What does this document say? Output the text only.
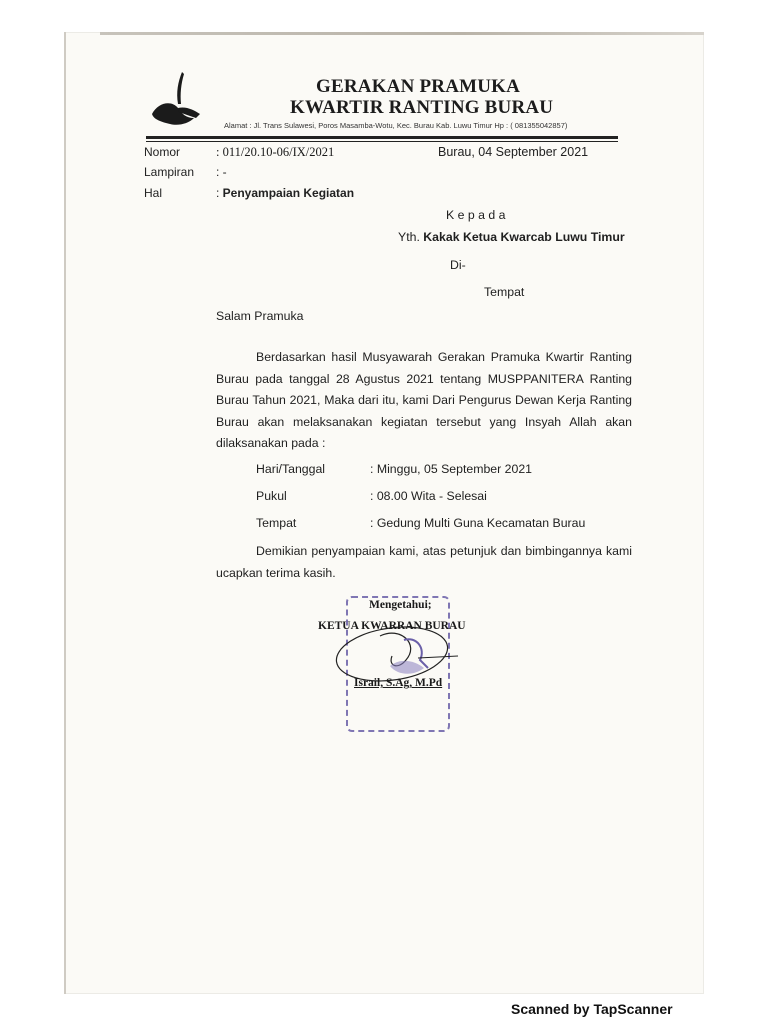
GERAKAN PRAMUKA
KWARTIR RANTING BURAU
Alamat : Jl. Trans Sulawesi, Poros Masamba-Wotu, Kec. Burau Kab. Luwu Timur Hp : ( 081355042857)
Nomor	: 011/20.10-06/IX/2021	Burau, 04 September 2021
Lampiran : -
Hal	: Penyampaian Kegiatan
K e p a d a
Yth. Kakak Ketua Kwarcab Luwu Timur
Di-
Tempat
Salam Pramuka
Berdasarkan hasil Musyawarah Gerakan Pramuka Kwartir Ranting Burau pada tanggal 28 Agustus 2021 tentang MUSPPANITERA Ranting Burau Tahun 2021, Maka dari itu, kami Dari Pengurus Dewan Kerja Ranting Burau akan melaksanakan kegiatan tersebut yang Insyah Allah akan dilaksanakan pada :
Hari/Tanggal	: Minggu, 05 September 2021
Pukul	: 08.00 Wita - Selesai
Tempat	: Gedung Multi Guna Kecamatan Burau
Demikian penyampaian kami, atas petunjuk dan bimbingannya kami ucapkan terima kasih.
Mengetahui;
KETUA KWARRAN BURAU
Israil, S.Ag, M.Pd
Scanned by TapScanner
